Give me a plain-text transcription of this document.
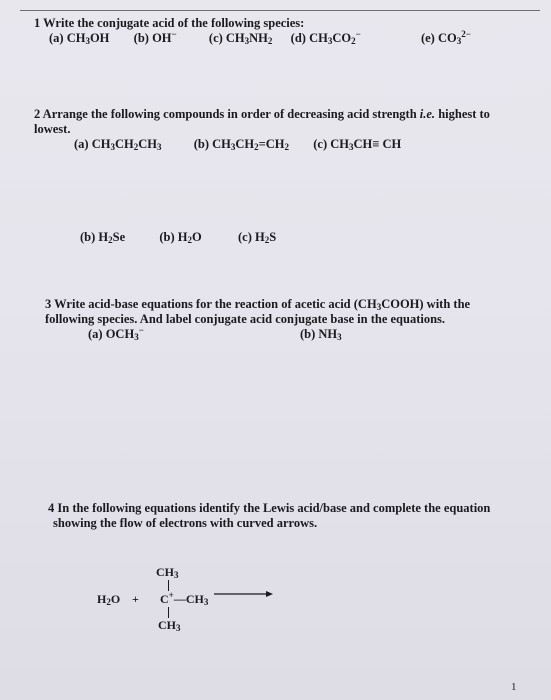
1 Write the conjugate acid of the following species:
(a) $CH_3OH$ (b) OH−	(c) $CH_3NH_2$ (d) $CH_3CO_2^-$	(e) $CO_3^{2-}$
2 Arrange the following compounds in order of decreasing acid strength i.e. highest to
lowest.
(a) $CH_3CH_2CH_3$	(b) $CH_3CH_2=CH_2$ (c) $CH_3CH\equiv$ CH
(b) $H_2Se$	(b) $H_2O$	(c) $H_2S$
3 Write acid-base equations for the reaction of acetic acid $(CH_3COOH)$ with the
following species. And label conjugate acid conjugate base in the equations.
(a) $OCH_3^-$	(b) $NH_3$
4 In the following equations identify the Lewis acid/base and complete the equation
showing the flow of electrons with curved arrows.
$CH_3$
$H_2O$ + $C^+—CH_3$
$CH_3$
1
